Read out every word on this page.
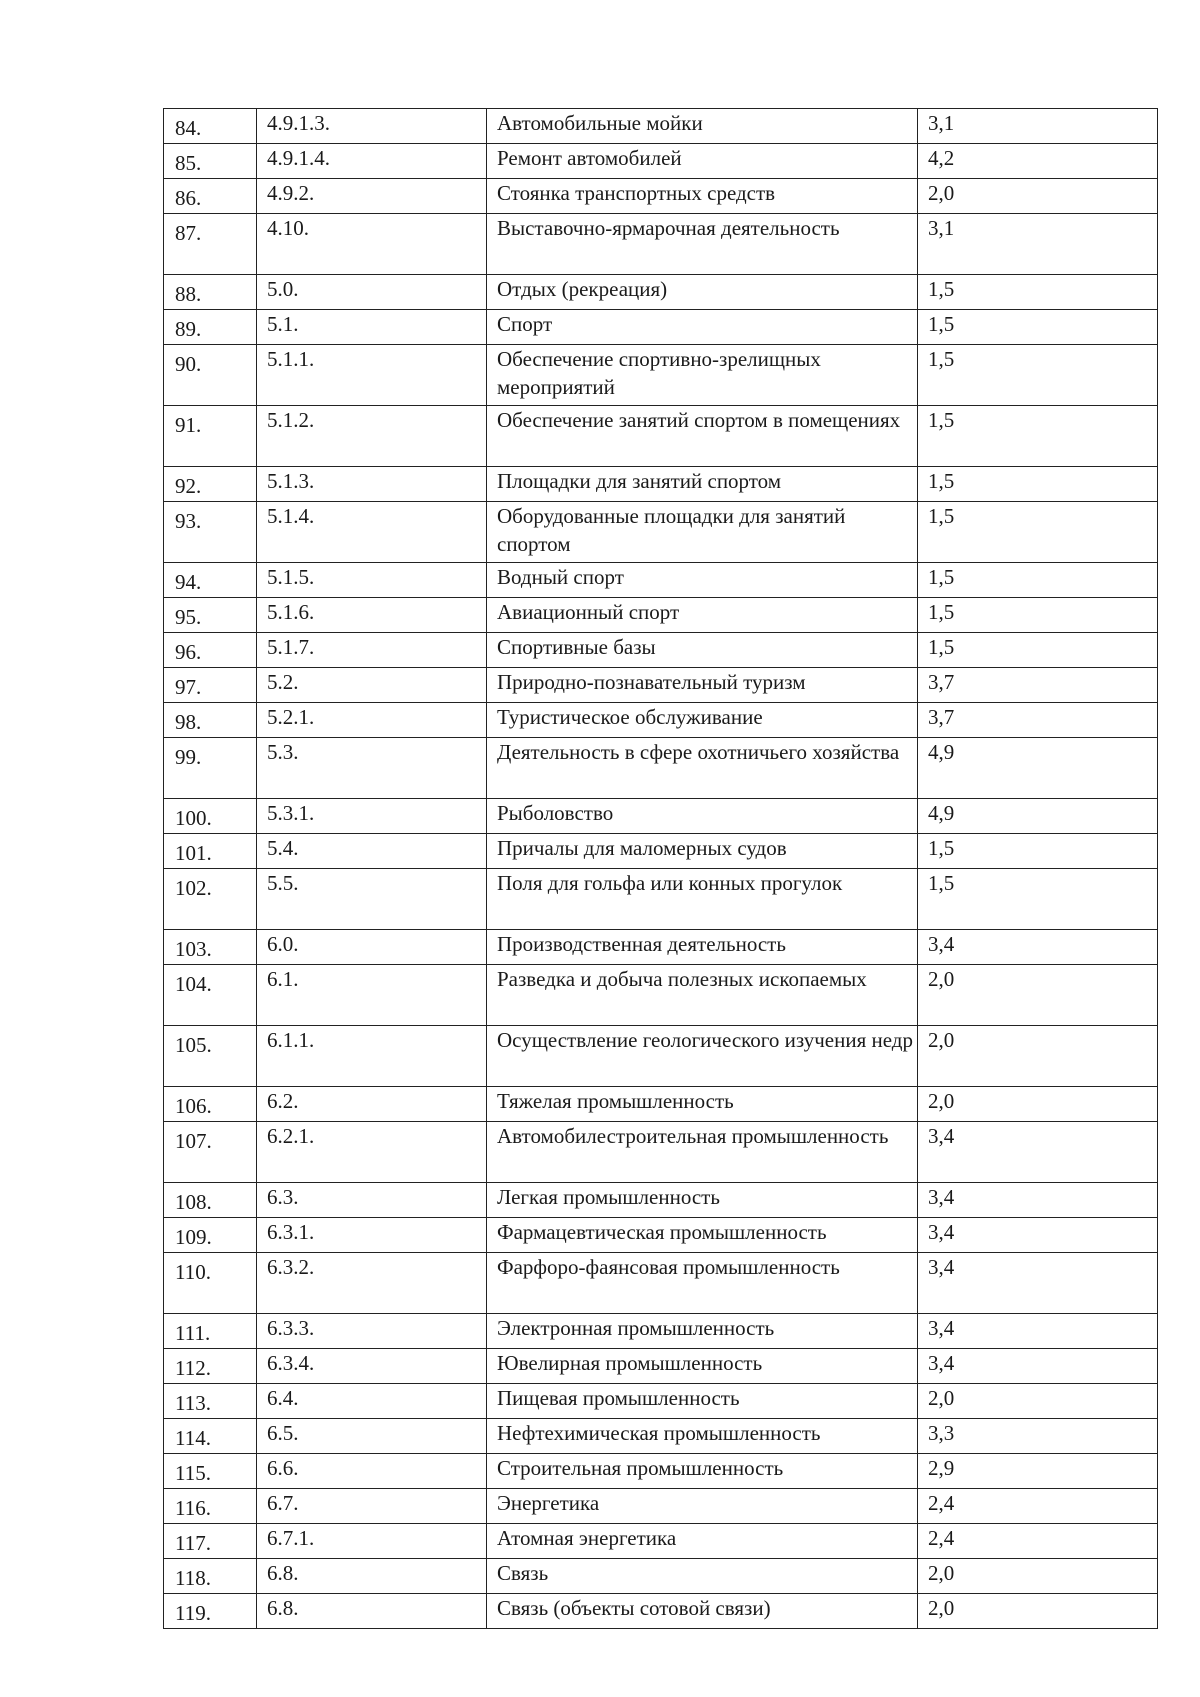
84.	4.9.1.3.	Автомобильные мойки	3,1
85.	4.9.1.4.	Ремонт автомобилей	4,2
86.	4.9.2.	Стоянка транспортных средств	2,0
87.	4.10.	Выставочно-ярмарочная деятельность	3,1
88.	5.0.	Отдых (рекреация)	1,5
89.	5.1.	Спорт	1,5
90.	5.1.1.	Обеспечение спортивно-зрелищных мероприятий	1,5
91.	5.1.2.	Обеспечение занятий спортом в помещениях	1,5
92.	5.1.3.	Площадки для занятий спортом	1,5
93.	5.1.4.	Оборудованные площадки для занятий спортом	1,5
94.	5.1.5.	Водный спорт	1,5
95.	5.1.6.	Авиационный спорт	1,5
96.	5.1.7.	Спортивные базы	1,5
97.	5.2.	Природно-познавательный туризм	3,7
98.	5.2.1.	Туристическое обслуживание	3,7
99.	5.3.	Деятельность в сфере охотничьего хозяйства	4,9
100.	5.3.1.	Рыболовство	4,9
101.	5.4.	Причалы для маломерных судов	1,5
102.	5.5.	Поля для гольфа или конных прогулок	1,5
103.	6.0.	Производственная деятельность	3,4
104.	6.1.	Разведка и добыча полезных ископаемых	2,0
105.	6.1.1.	Осуществление геологического изучения недр	2,0
106.	6.2.	Тяжелая промышленность	2,0
107.	6.2.1.	Автомобилестроительная промышленность	3,4
108.	6.3.	Легкая промышленность	3,4
109.	6.3.1.	Фармацевтическая промышленность	3,4
110.	6.3.2.	Фарфоро-фаянсовая промышленность	3,4
111.	6.3.3.	Электронная промышленность	3,4
112.	6.3.4.	Ювелирная промышленность	3,4
113.	6.4.	Пищевая промышленность	2,0
114.	6.5.	Нефтехимическая промышленность	3,3
115.	6.6.	Строительная промышленность	2,9
116.	6.7.	Энергетика	2,4
117.	6.7.1.	Атомная энергетика	2,4
118.	6.8.	Связь	2,0
119.	6.8.	Связь (объекты сотовой связи)	2,0
